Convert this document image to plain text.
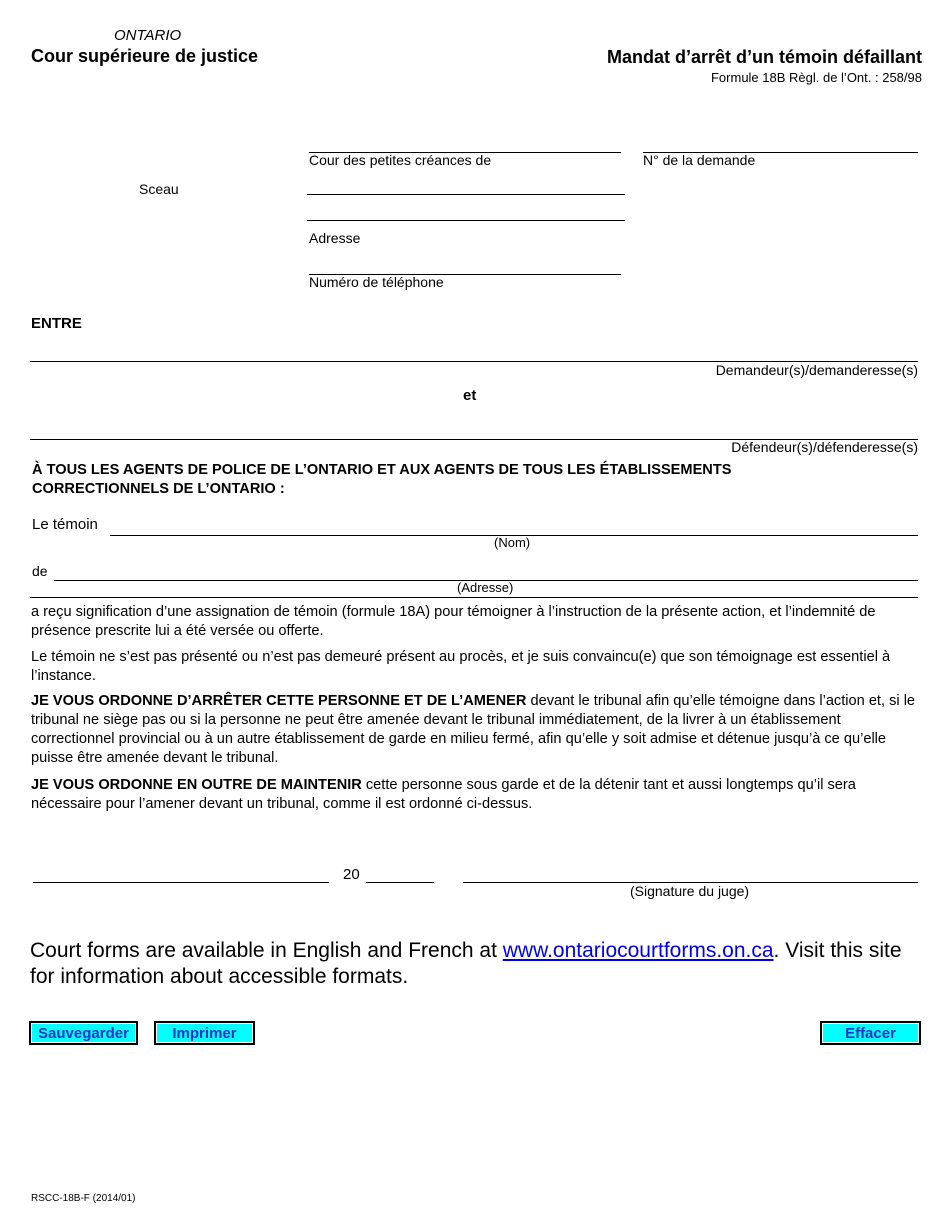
ONTARIO
Cour supérieure de justice	Mandat d’arrêt d’un témoin défaillant
Formule 18B Règl. de l’Ont. : 258/98
Cour des petites créances de	N° de la demande
Sceau
Adresse
Numéro de téléphone
ENTRE
Demandeur(s)/demanderesse(s)
et
Défendeur(s)/défenderesse(s)
À TOUS LES AGENTS DE POLICE DE L’ONTARIO ET AUX AGENTS DE TOUS LES ÉTABLISSEMENTS CORRECTIONNELS DE L’ONTARIO :
Le témoin
(Nom)
de
(Adresse)
a reçu signification d’une assignation de témoin (formule 18A) pour témoigner à l’instruction de la présente action, et l’indemnité de présence prescrite lui a été versée ou offerte.
Le témoin ne s’est pas présenté ou n’est pas demeuré présent au procès, et je suis convaincu(e) que son témoignage est essentiel à l’instance.
JE VOUS ORDONNE D’ARRÊTER CETTE PERSONNE ET DE L’AMENER devant le tribunal afin qu’elle témoigne dans l’action et, si le tribunal ne siège pas ou si la personne ne peut être amenée devant le tribunal immédiatement, de la livrer à un établissement correctionnel provincial ou à un autre établissement de garde en milieu fermé, afin qu’elle y soit admise et détenue jusqu’à ce qu’elle puisse être amenée devant le tribunal.
JE VOUS ORDONNE EN OUTRE DE MAINTENIR cette personne sous garde et de la détenir tant et aussi longtemps qu’il sera nécessaire pour l’amener devant un tribunal, comme il est ordonné ci-dessus.
20
(Signature du juge)
Court forms are available in English and French at www.ontariocourtforms.on.ca. Visit this site for information about accessible formats.
Sauvegarder	Imprimer	Effacer
RSCC-18B-F (2014/01)
